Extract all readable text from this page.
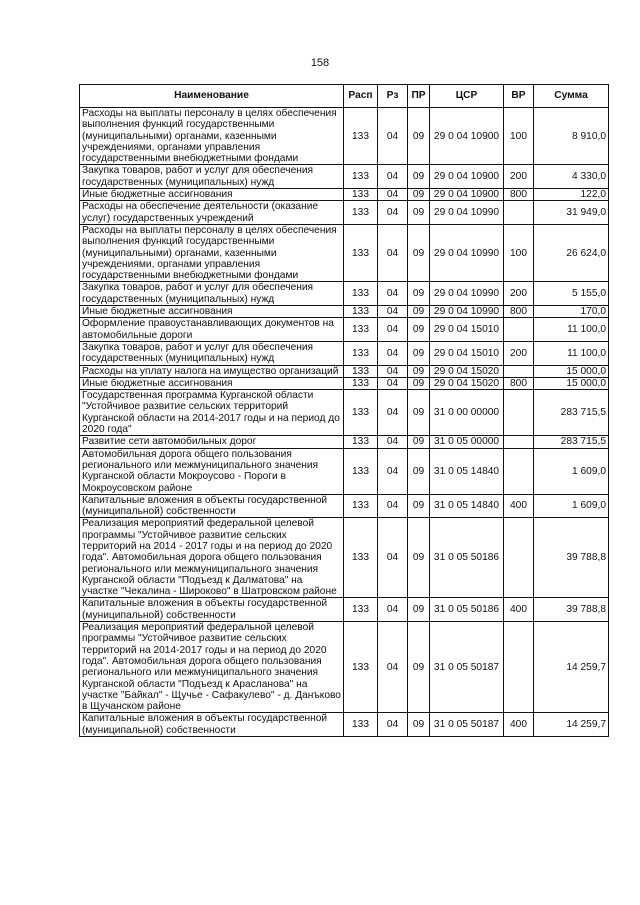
158
Наименование	Расп	Рз	ПР	ЦСР	ВР	Сумма
Расходы на выплаты персоналу в целях обеспечения выполнения функций государственными (муниципальными) органами, казенными учреждениями, органами управления государственными внебюджетными фондами	133	04	09	29 0 04 10900	100	8 910,0
Закупка товаров, работ и услуг для обеспечения государственных (муниципальных) нужд	133	04	09	29 0 04 10900	200	4 330,0
Иные бюджетные ассигнования	133	04	09	29 0 04 10900	800	122,0
Расходы на обеспечение деятельности (оказание услуг) государственных учреждений	133	04	09	29 0 04 10990		31 949,0
Расходы на выплаты персоналу в целях обеспечения выполнения функций государственными (муниципальными) органами, казенными учреждениями, органами управления государственными внебюджетными фондами	133	04	09	29 0 04 10990	100	26 624,0
Закупка товаров, работ и услуг для обеспечения государственных (муниципальных) нужд	133	04	09	29 0 04 10990	200	5 155,0
Иные бюджетные ассигнования	133	04	09	29 0 04 10990	800	170,0
Оформление правоустанавливающих документов на автомобильные дороги	133	04	09	29 0 04 15010		11 100,0
Закупка товаров, работ и услуг для обеспечения государственных (муниципальных) нужд	133	04	09	29 0 04 15010	200	11 100,0
Расходы на уплату налога на имущество организаций	133	04	09	29 0 04 15020		15 000,0
Иные бюджетные ассигнования	133	04	09	29 0 04 15020	800	15 000,0
Государственная программа Курганской области "Устойчивое развитие сельских территорий Курганской области на 2014-2017 годы и на период до 2020 года"	133	04	09	31 0 00 00000		283 715,5
Развитие сети автомобильных дорог	133	04	09	31 0 05 00000		283 715,5
Автомобильная дорога общего пользования регионального или межмуниципального значения Курганской области Мокроусово - Пороги в Мокроусовском районе	133	04	09	31 0 05 14840		1 609,0
Капитальные вложения в объекты государственной (муниципальной) собственности	133	04	09	31 0 05 14840	400	1 609,0
Реализация мероприятий федеральной целевой программы "Устойчивое развитие сельских территорий на 2014 - 2017 годы и на период до 2020 года". Автомобильная дорога общего пользования регионального или межмуниципального значения Курганской области "Подъезд к Далматова" на участке "Чекалина - Широково" в Шатровском районе	133	04	09	31 0 05 50186		39 788,8
Капитальные вложения в объекты государственной (муниципальной) собственности	133	04	09	31 0 05 50186	400	39 788,8
Реализация мероприятий федеральной целевой программы "Устойчивое развитие сельских территорий на 2014-2017 годы и на период до 2020 года". Автомобильная дорога общего пользования регионального или межмуниципального значения Курганской области "Подъезд к Арасланова" на участке "Байкал" - Щучье - Сафакулево" - д. Данъково в Щучанском районе	133	04	09	31 0 05 50187		14 259,7
Капитальные вложения в объекты государственной (муниципальной) собственности	133	04	09	31 0 05 50187	400	14 259,7
